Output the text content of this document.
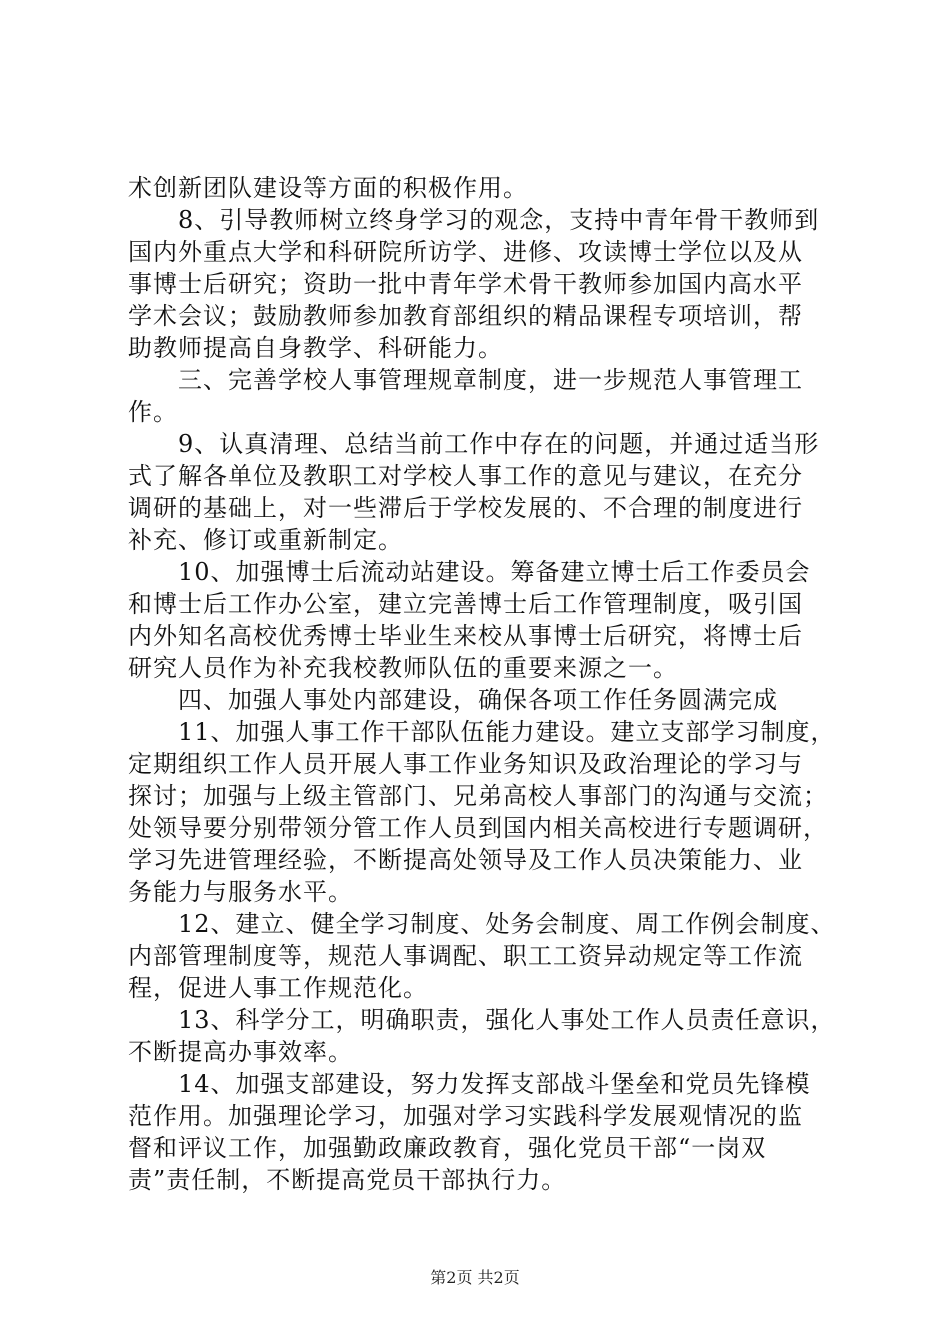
术创新团队建设等方面的积极作用。
　　8、引导教师树立终身学习的观念，支持中青年骨干教师到
国内外重点大学和科研院所访学、进修、攻读博士学位以及从
事博士后研究；资助一批中青年学术骨干教师参加国内高水平
学术会议；鼓励教师参加教育部组织的精品课程专项培训，帮
助教师提高自身教学、科研能力。
　　三、完善学校人事管理规章制度，进一步规范人事管理工
作。
　　9、认真清理、总结当前工作中存在的问题，并通过适当形
式了解各单位及教职工对学校人事工作的意见与建议，在充分
调研的基础上，对一些滞后于学校发展的、不合理的制度进行
补充、修订或重新制定。
　　10、加强博士后流动站建设。筹备建立博士后工作委员会
和博士后工作办公室，建立完善博士后工作管理制度，吸引国
内外知名高校优秀博士毕业生来校从事博士后研究，将博士后
研究人员作为补充我校教师队伍的重要来源之一。
　　四、加强人事处内部建设，确保各项工作任务圆满完成
　　11、加强人事工作干部队伍能力建设。建立支部学习制度，
定期组织工作人员开展人事工作业务知识及政治理论的学习与
探讨；加强与上级主管部门、兄弟高校人事部门的沟通与交流；
处领导要分别带领分管工作人员到国内相关高校进行专题调研，
学习先进管理经验，不断提高处领导及工作人员决策能力、业
务能力与服务水平。
　　12、建立、健全学习制度、处务会制度、周工作例会制度、
内部管理制度等，规范人事调配、职工工资异动规定等工作流
程，促进人事工作规范化。
　　13、科学分工，明确职责，强化人事处工作人员责任意识，
不断提高办事效率。
　　14、加强支部建设，努力发挥支部战斗堡垒和党员先锋模
范作用。加强理论学习，加强对学习实践科学发展观情况的监
督和评议工作，加强勤政廉政教育，强化党员干部“一岗双
责”责任制，不断提高党员干部执行力。
第2页 共2页
